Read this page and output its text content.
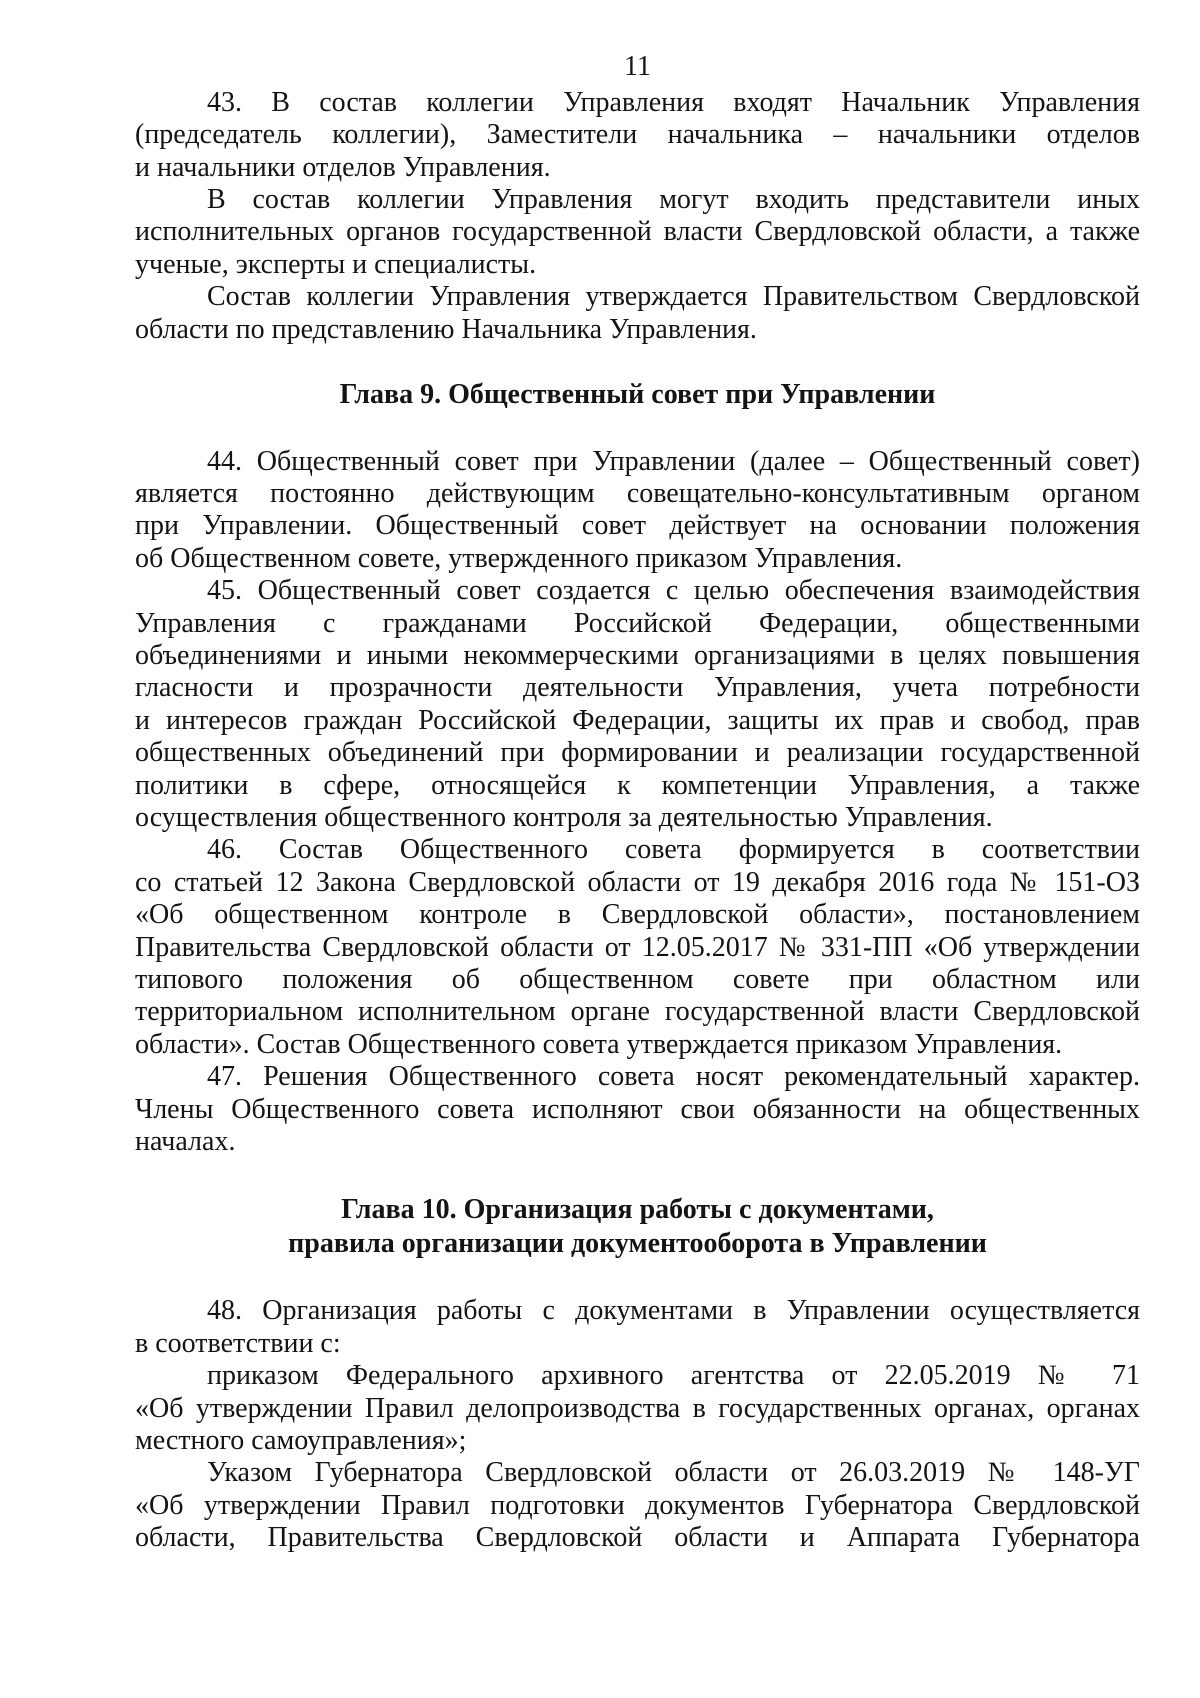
11
43. В состав коллегии Управления входят Начальник Управления
(председатель коллегии), Заместители начальника – начальники отделов
и начальники отделов Управления.
В состав коллегии Управления могут входить представители иных
исполнительных органов государственной власти Свердловской области, а также
ученые, эксперты и специалисты.
Состав коллегии Управления утверждается Правительством Свердловской
области по представлению Начальника Управления.
Глава 9. Общественный совет при Управлении
44. Общественный совет при Управлении (далее – Общественный совет)
является постоянно действующим совещательно-консультативным органом
при Управлении. Общественный совет действует на основании положения
об Общественном совете, утвержденного приказом Управления.
45. Общественный совет создается с целью обеспечения взаимодействия
Управления с гражданами Российской Федерации, общественными
объединениями и иными некоммерческими организациями в целях повышения
гласности и прозрачности деятельности Управления, учета потребности
и интересов граждан Российской Федерации, защиты их прав и свобод, прав
общественных объединений при формировании и реализации государственной
политики в сфере, относящейся к компетенции Управления, а также
осуществления общественного контроля за деятельностью Управления.
46. Состав Общественного совета формируется в соответствии
со статьей 12 Закона Свердловской области от 19 декабря 2016 года № 151-ОЗ
«Об общественном контроле в Свердловской области», постановлением
Правительства Свердловской области от 12.05.2017 № 331-ПП «Об утверждении
типового положения об общественном совете при областном или
территориальном исполнительном органе государственной власти Свердловской
области». Состав Общественного совета утверждается приказом Управления.
47. Решения Общественного совета носят рекомендательный характер.
Члены Общественного совета исполняют свои обязанности на общественных
началах.
Глава 10. Организация работы с документами,
правила организации документооборота в Управлении
48. Организация работы с документами в Управлении осуществляется
в соответствии с:
приказом Федерального архивного агентства от 22.05.2019 № 71
«Об утверждении Правил делопроизводства в государственных органах, органах
местного самоуправления»;
Указом Губернатора Свердловской области от 26.03.2019 № 148-УГ
«Об утверждении Правил подготовки документов Губернатора Свердловской
области, Правительства Свердловской области и Аппарата Губернатора
